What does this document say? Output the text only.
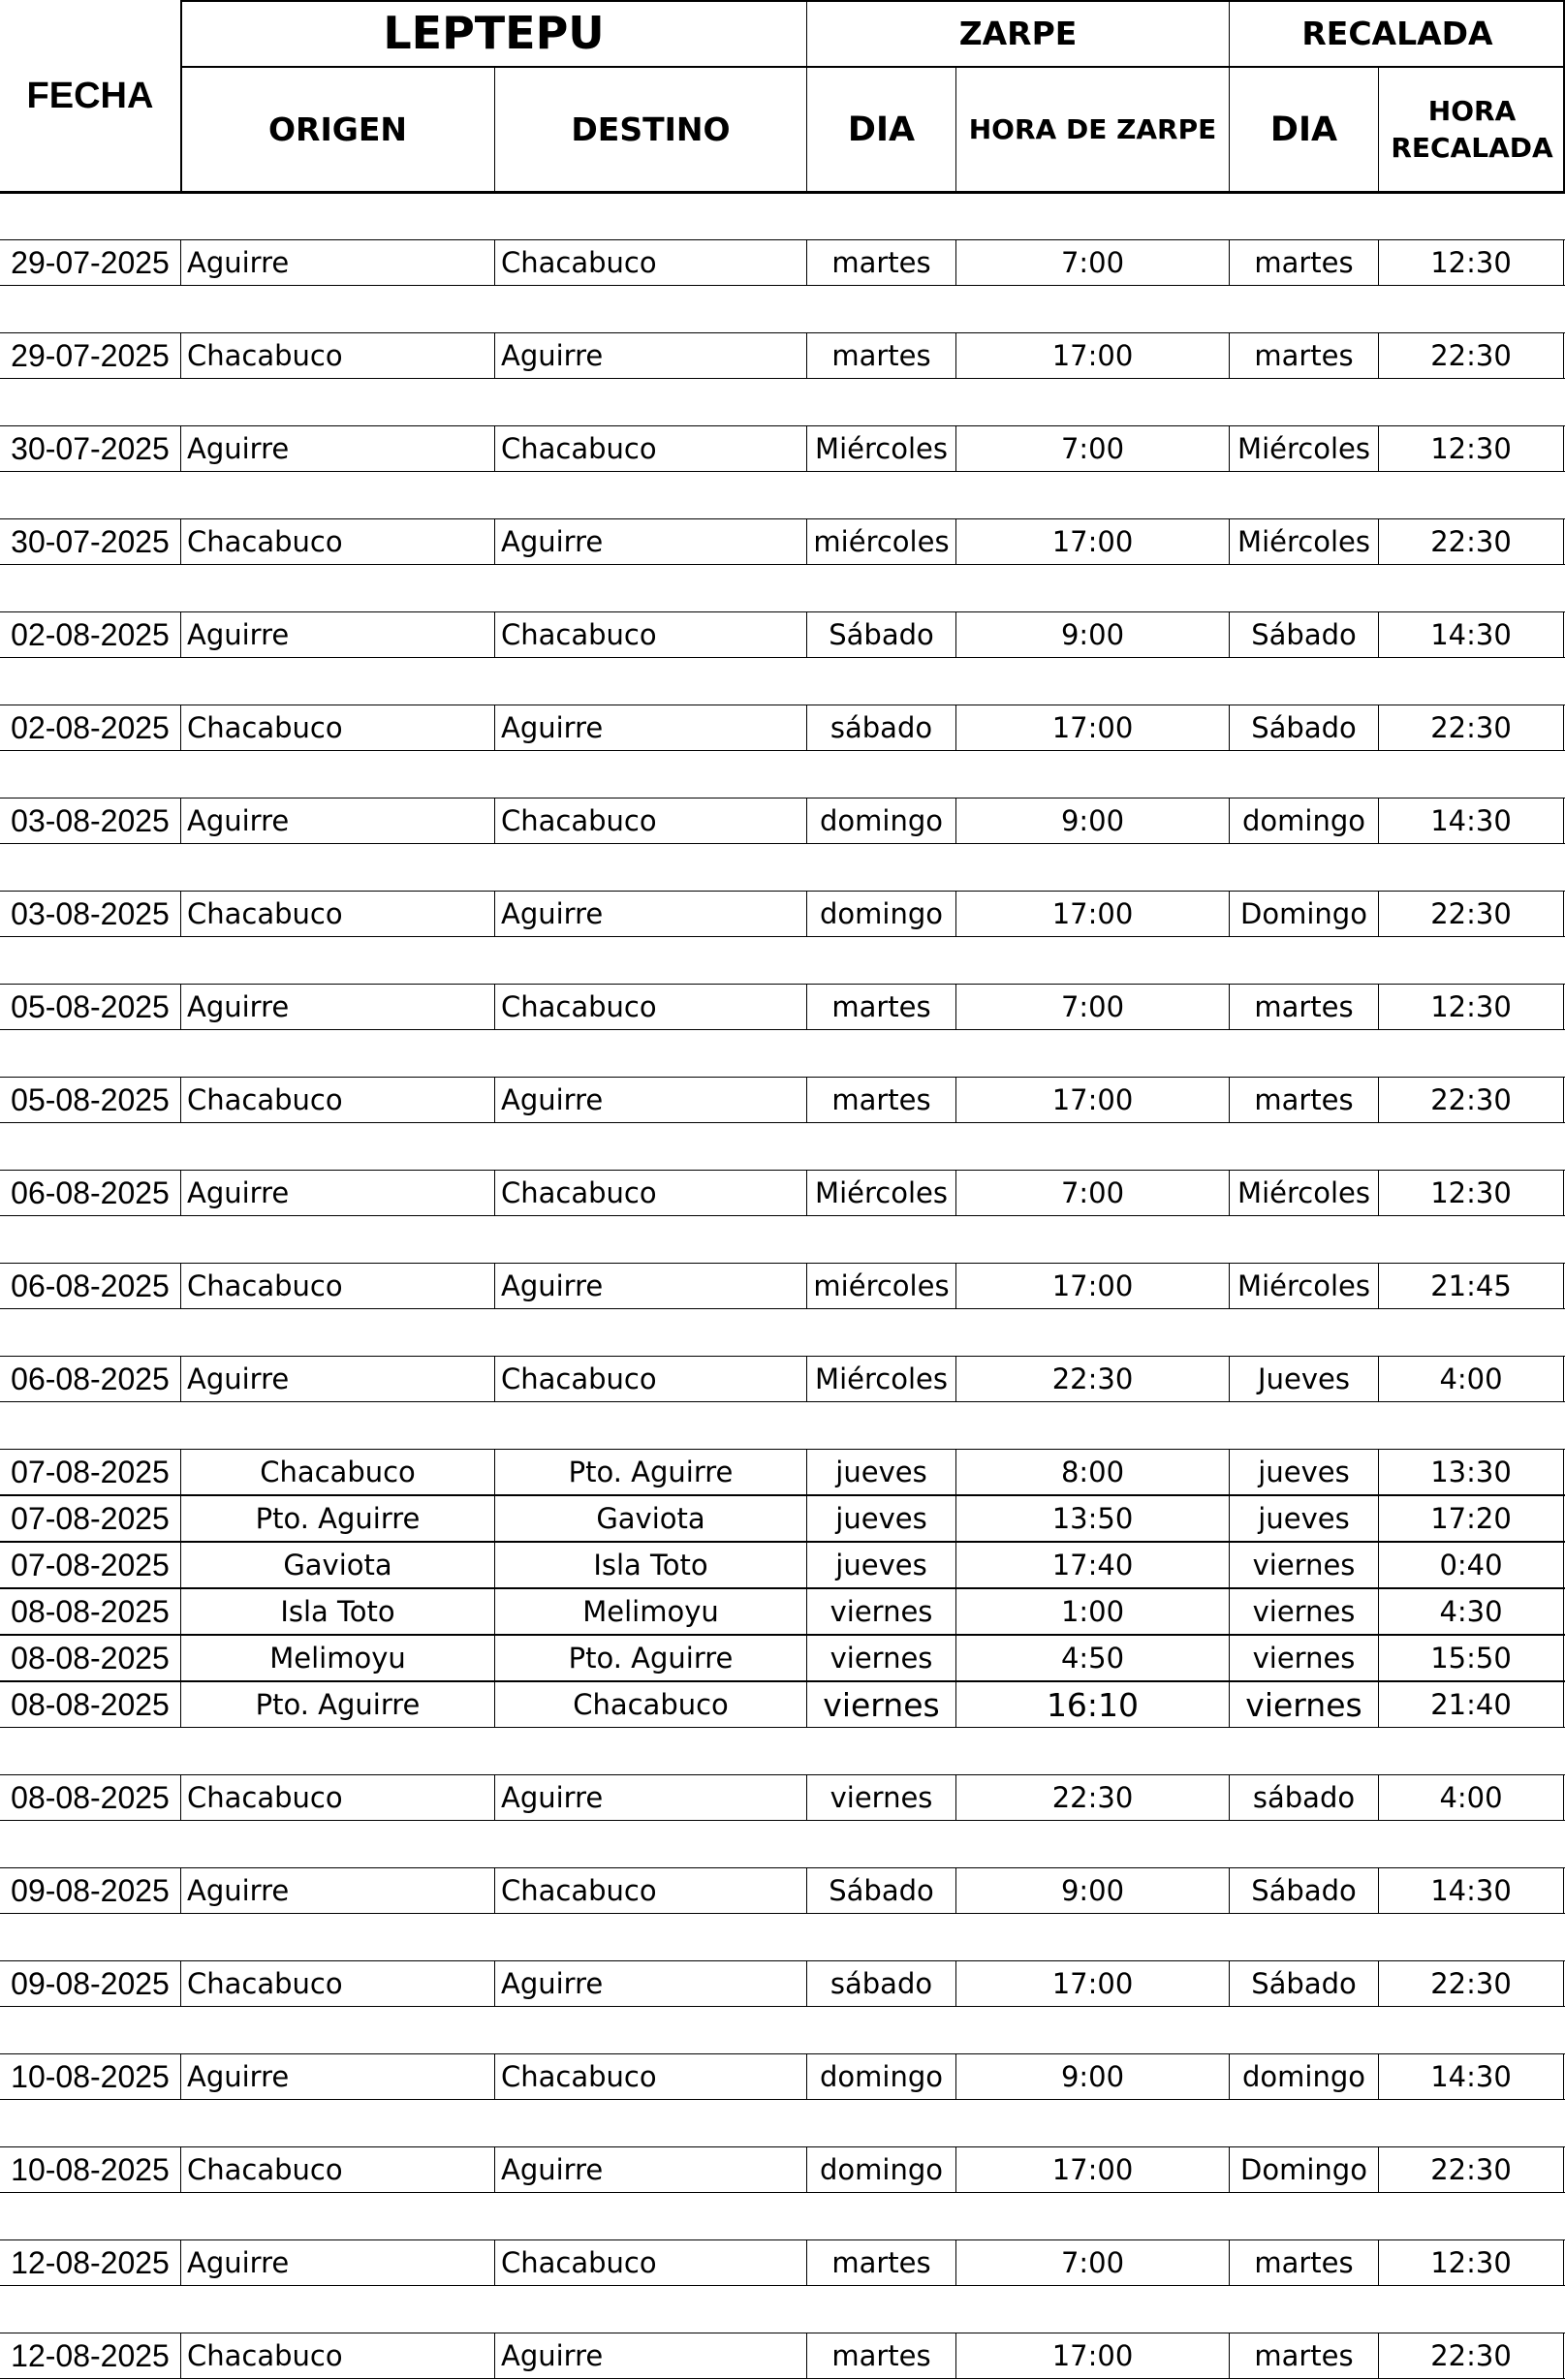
FECHA
LEPTEPU	ZARPE	RECALADA
ORIGEN	DESTINO	DIA	HORA DE ZARPE	DIA	HORA RECALADA
29-07-2025 Aguirre	Chacabuco	martes	7:00	martes	12:30
29-07-2025 Chacabuco	Aguirre	martes	17:00	martes	22:30
30-07-2025 Aguirre	Chacabuco	Miércoles	7:00	Miércoles	12:30
30-07-2025 Chacabuco	Aguirre	miércoles	17:00	Miércoles	22:30
02-08-2025 Aguirre	Chacabuco	Sábado	9:00	Sábado	14:30
02-08-2025 Chacabuco	Aguirre	sábado	17:00	Sábado	22:30
03-08-2025 Aguirre	Chacabuco	domingo	9:00	domingo	14:30
03-08-2025 Chacabuco	Aguirre	domingo	17:00	Domingo	22:30
05-08-2025 Aguirre	Chacabuco	martes	7:00	martes	12:30
05-08-2025 Chacabuco	Aguirre	martes	17:00	martes	22:30
06-08-2025 Aguirre	Chacabuco	Miércoles	7:00	Miércoles	12:30
06-08-2025 Chacabuco	Aguirre	miércoles	17:00	Miércoles	21:45
06-08-2025 Aguirre	Chacabuco	Miércoles	22:30	Jueves	4:00
07-08-2025	Chacabuco	Pto. Aguirre	jueves	8:00	jueves	13:30
07-08-2025	Pto. Aguirre	Gaviota	jueves	13:50	jueves	17:20
07-08-2025	Gaviota	Isla Toto	jueves	17:40	viernes	0:40
08-08-2025	Isla Toto	Melimoyu	viernes	1:00	viernes	4:30
08-08-2025	Melimoyu	Pto. Aguirre	viernes	4:50	viernes	15:50
08-08-2025	Pto. Aguirre	Chacabuco	viernes	16:10	viernes	21:40
08-08-2025 Chacabuco	Aguirre	viernes	22:30	sábado	4:00
09-08-2025 Aguirre	Chacabuco	Sábado	9:00	Sábado	14:30
09-08-2025 Chacabuco	Aguirre	sábado	17:00	Sábado	22:30
10-08-2025 Aguirre	Chacabuco	domingo	9:00	domingo	14:30
10-08-2025 Chacabuco	Aguirre	domingo	17:00	Domingo	22:30
12-08-2025 Aguirre	Chacabuco	martes	7:00	martes	12:30
12-08-2025 Chacabuco	Aguirre	martes	17:00	martes	22:30
